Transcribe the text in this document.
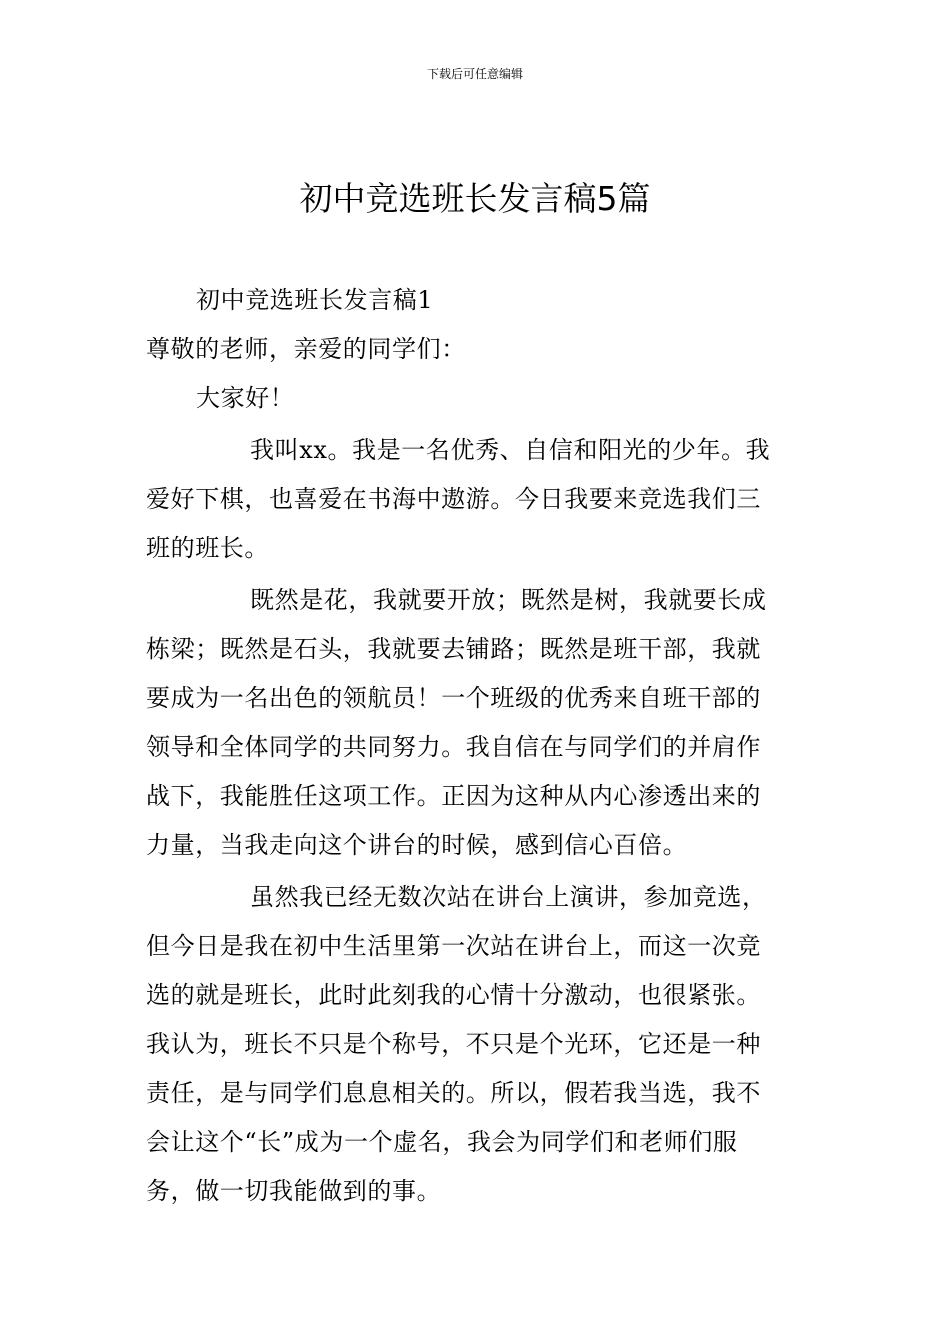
下载后可任意编辑
初中竞选班长发言稿5篇
初中竞选班长发言稿1
尊敬的老师，亲爱的同学们：
大家好！
我叫xx。我是一名优秀、自信和阳光的少年。我
爱好下棋，也喜爱在书海中遨游。今日我要来竞选我们三
班的班长。
既然是花，我就要开放；既然是树，我就要长成
栋梁；既然是石头，我就要去铺路；既然是班干部，我就
要成为一名出色的领航员！一个班级的优秀来自班干部的
领导和全体同学的共同努力。我自信在与同学们的并肩作
战下，我能胜任这项工作。正因为这种从内心渗透出来的
力量，当我走向这个讲台的时候，感到信心百倍。
虽然我已经无数次站在讲台上演讲，参加竞选，
但今日是我在初中生活里第一次站在讲台上，而这一次竞
选的就是班长，此时此刻我的心情十分激动，也很紧张。
我认为，班长不只是个称号，不只是个光环，它还是一种
责任，是与同学们息息相关的。所以，假若我当选，我不
会让这个“长”成为一个虚名，我会为同学们和老师们服
务，做一切我能做到的事。
